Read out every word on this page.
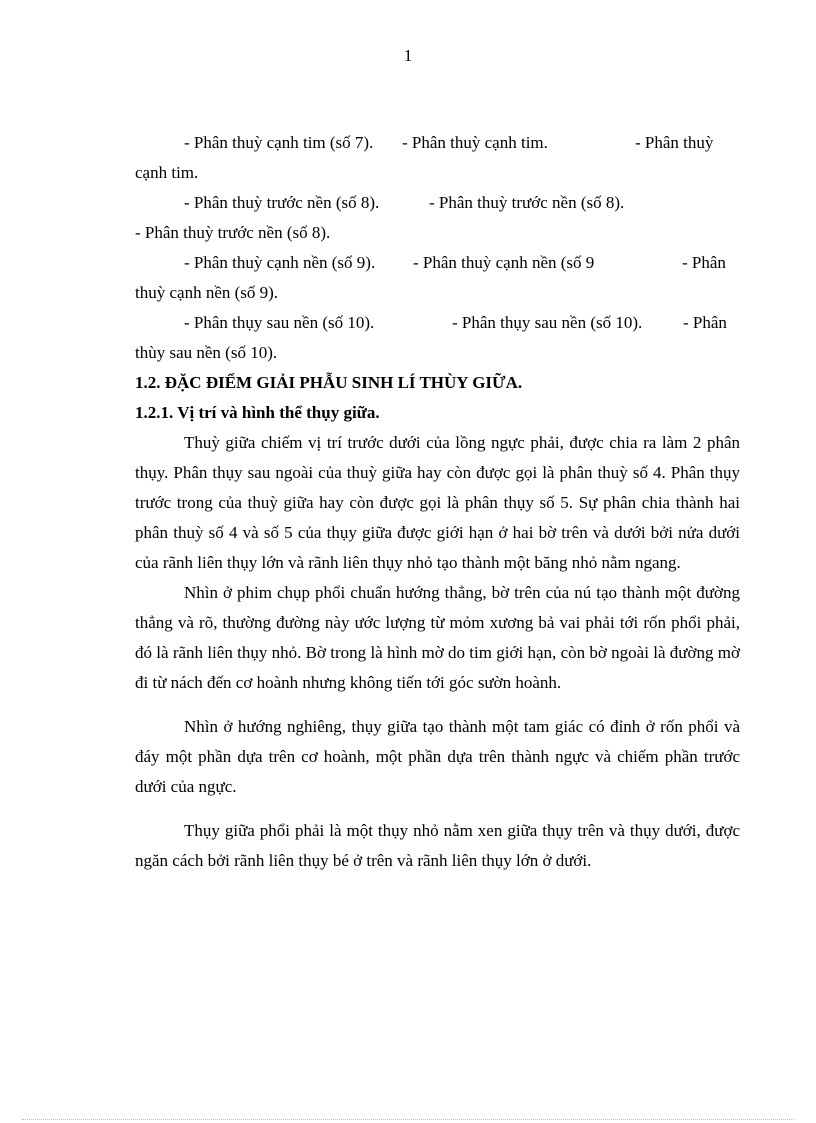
1
- Phân thuỳ cạnh tim (số 7). - Phân thuỳ cạnh tim.	- Phân thuỳ
cạnh tim.
- Phân thuỳ trước nền (số 8).	- Phân thuỳ trước nền (số 8).
- Phân thuỳ trước nền (số 8).
- Phân thuỳ cạnh nền (số 9). - Phân thuỳ cạnh nền (số 9	- Phân
thuỳ cạnh nền (số 9).
- Phân thụy sau nền (số 10).	- Phân thụy sau nền (số 10). - Phân
thùy sau nền (số 10).
1.2. ĐẶC ĐIỂM GIẢI PHẪU SINH LÍ THÙY GIỮA.
1.2.1. Vị trí và hình thể thụy giữa.

Thuỳ giữa chiếm vị trí trước dưới của lồng ngực phải, được chia ra làm 2 phân thụy. Phân thụy sau ngoài của thuỳ giữa hay còn được gọi là phân thuỳ số 4. Phân thụy trước trong của thuỳ giữa hay còn được gọi là phân thụy số 5. Sự phân chia thành hai phân thuỳ số 4 và số 5 của thụy giữa được giới hạn ở hai bờ trên và dưới bởi nửa dưới của rãnh liên thụy lớn và rãnh liên thụy nhỏ tạo thành một băng nhỏ nằm ngang.

Nhìn ở phim chụp phổi chuẩn hướng thẳng, bờ trên của nú tạo thành một đường thẳng và rõ, thường đường này ước lượng từ mỏm xương bả vai phải tới rốn phổi phải, đó là rãnh liên thụy nhỏ. Bờ trong là hình mờ do tim giới hạn, còn bờ ngoài là đường mờ đi từ nách đến cơ hoành nhưng không tiến tới góc sườn hoành.

Nhìn ở hướng nghiêng, thụy giữa tạo thành một tam giác có đỉnh ở rốn phổi và đáy một phần dựa trên cơ hoành, một phần dựa trên thành ngực và chiếm phần trước dưới của ngực.

Thụy giữa phổi phải là một thụy nhỏ nằm xen giữa thụy trên và thụy dưới, được ngăn cách bởi rãnh liên thụy bé ở trên và rãnh liên thụy lớn ở dưới.
